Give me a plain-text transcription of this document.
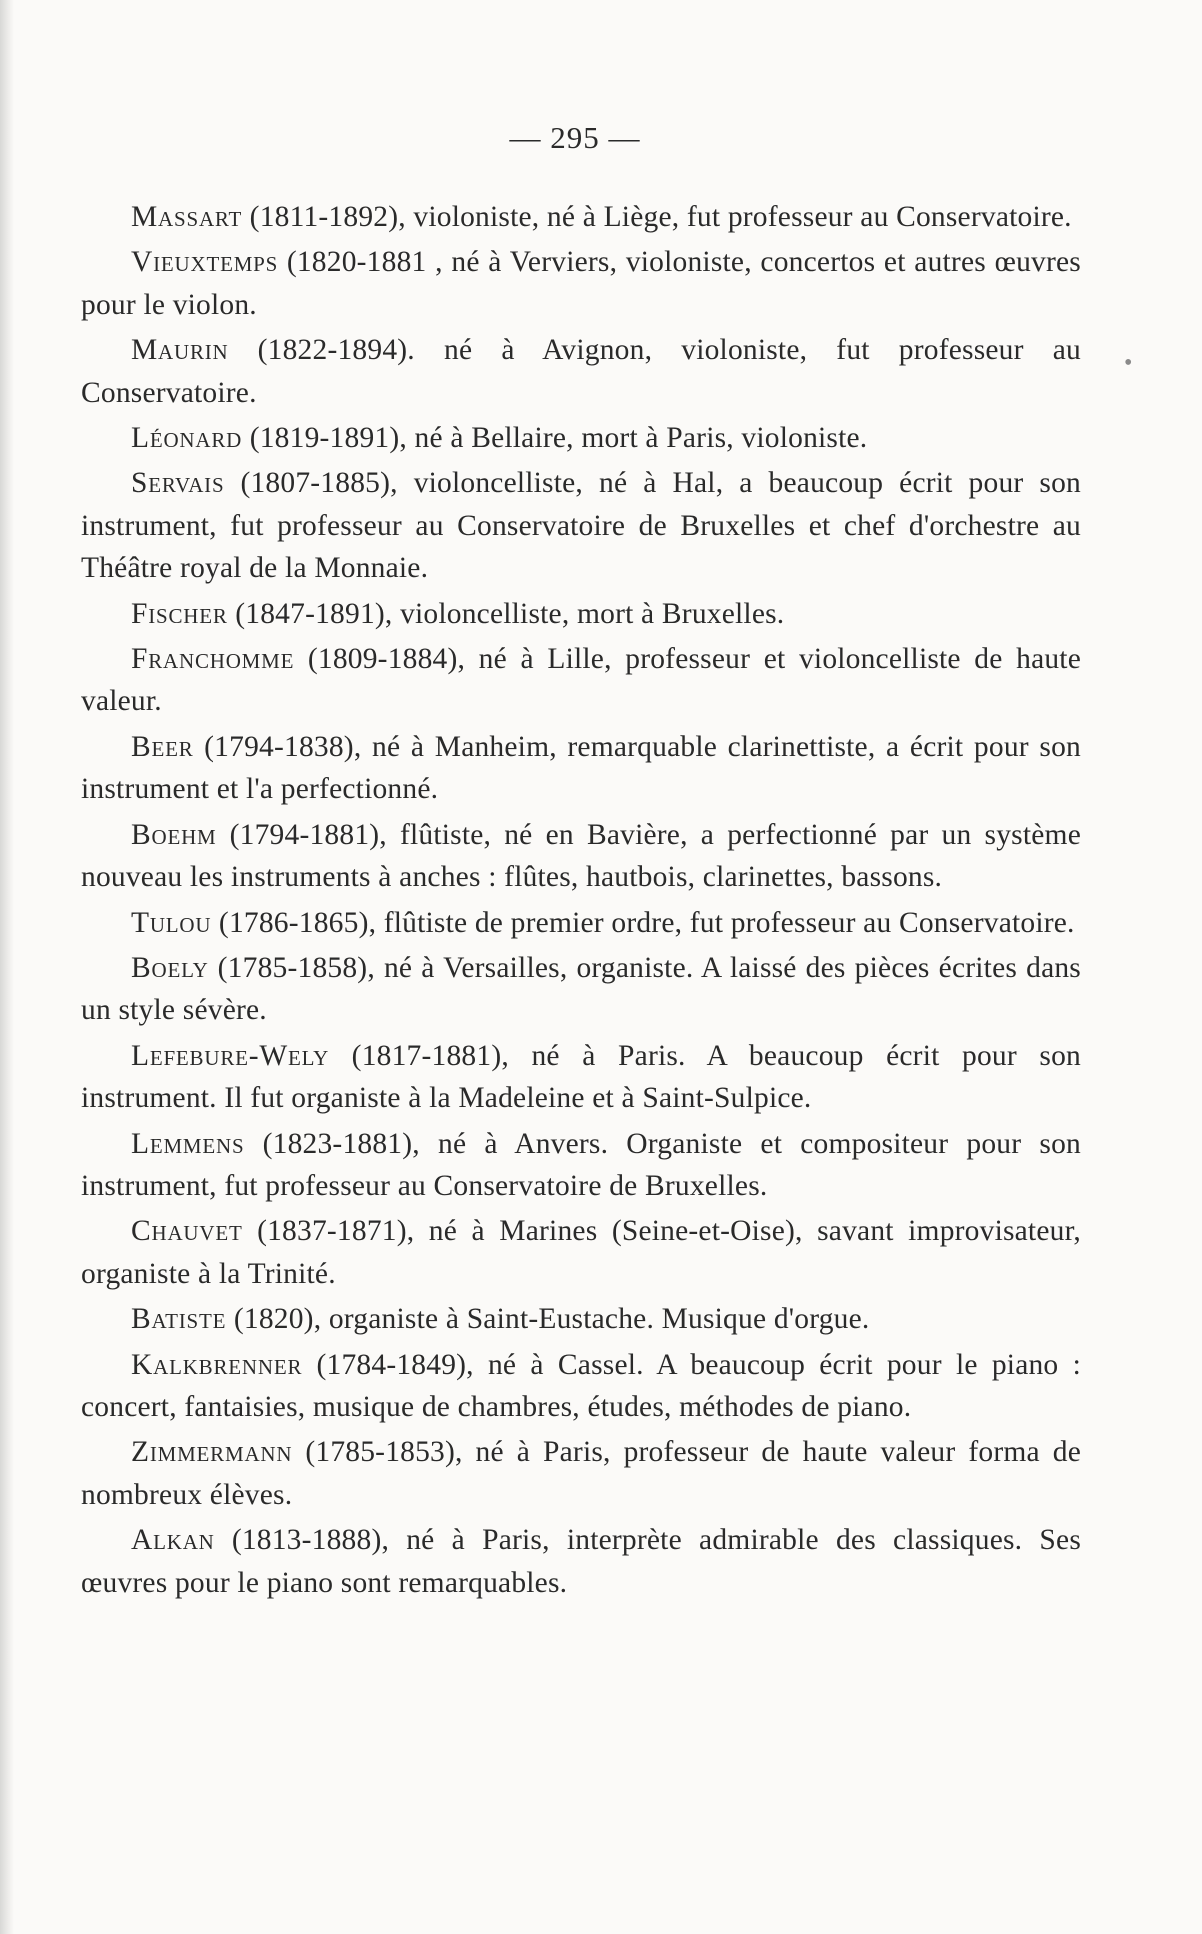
— 295 —
•

Massart (1811-1892), violoniste, né à Liège, fut professeur au Conservatoire.

Vieuxtemps (1820-1881 , né à Verviers, violoniste, concertos et autres œuvres pour le violon.

Maurin (1822-1894). né à Avignon, violoniste, fut professeur au Conservatoire.

Léonard (1819-1891), né à Bellaire, mort à Paris, violoniste.

Servais (1807-1885), violoncelliste, né à Hal, a beaucoup écrit pour son instrument, fut professeur au Conservatoire de Bruxelles et chef d'orchestre au Théâtre royal de la Monnaie.

Fischer (1847-1891), violoncelliste, mort à Bruxelles.

Franchomme (1809-1884), né à Lille, professeur et violoncelliste de haute valeur.

Beer (1794-1838), né à Manheim, remarquable clarinettiste, a écrit pour son instrument et l'a perfectionné.

Boehm (1794-1881), flûtiste, né en Bavière, a perfectionné par un système nouveau les instruments à anches : flûtes, hautbois, clarinettes, bassons.

Tulou (1786-1865), flûtiste de premier ordre, fut professeur au Conservatoire.

Boely (1785-1858), né à Versailles, organiste. A laissé des pièces écrites dans un style sévère.

Lefebure-Wely (1817-1881), né à Paris. A beaucoup écrit pour son instrument. Il fut organiste à la Madeleine et à Saint-Sulpice.

Lemmens (1823-1881), né à Anvers. Organiste et compositeur pour son instrument, fut professeur au Conservatoire de Bruxelles.

Chauvet (1837-1871), né à Marines (Seine-et-Oise), savant improvisateur, organiste à la Trinité.

Batiste (1820), organiste à Saint-Eustache. Musique d'orgue.

Kalkbrenner (1784-1849), né à Cassel. A beaucoup écrit pour le piano : concert, fantaisies, musique de chambres, études, méthodes de piano.

Zimmermann (1785-1853), né à Paris, professeur de haute valeur forma de nombreux élèves.

Alkan (1813-1888), né à Paris, interprète admirable des classiques. Ses œuvres pour le piano sont remarquables.
